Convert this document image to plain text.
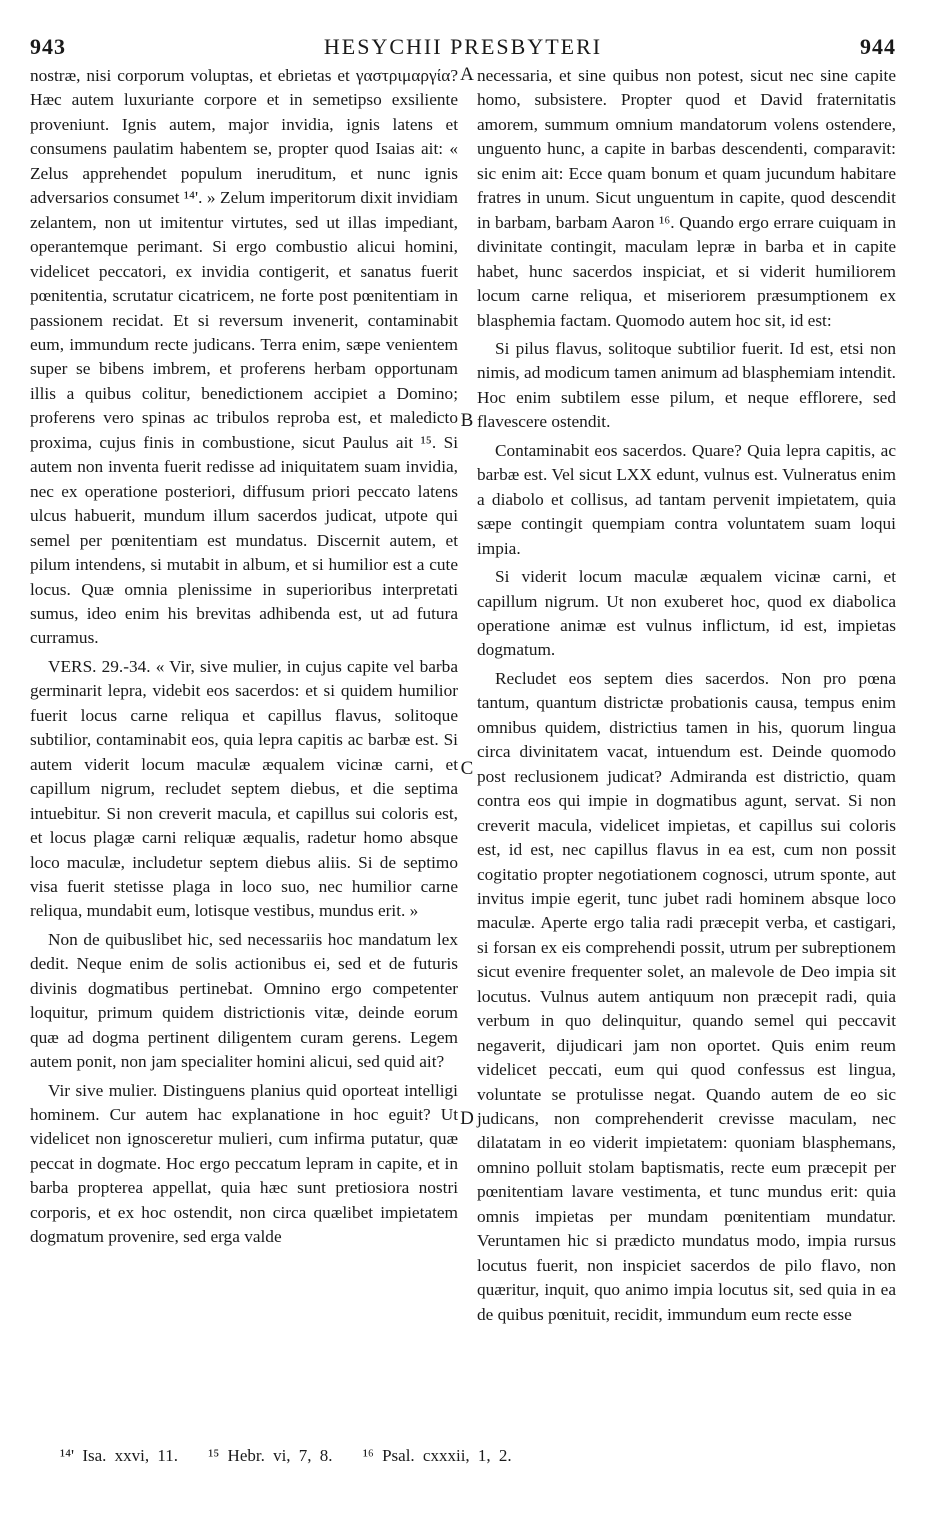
943	HESYCHII PRESBYTERI	944

nostræ, nisi corporum voluptas, et ebrietas et γαστριμαργία? Hæc autem luxuriante corpore et in semetipso exsiliente proveniunt. Ignis autem, major invidia, ignis latens et consumens paulatim habentem se, propter quod Isaias ait: « Zelus apprehendet populum ineruditum, et nunc ignis adversarios consumet ¹⁴'. » Zelum imperitorum dixit invidiam zelantem, non ut imitentur virtutes, sed ut illas impediant, operantemque perimant. Si ergo combustio alicui homini, videlicet peccatori, ex invidia contigerit, et sanatus fuerit pœnitentia, scrutatur cicatricem, ne forte post pœnitentiam in passionem recidat. Et si reversum invenerit, contaminabit eum, immundum recte judicans. Terra enim, sæpe venientem super se bibens imbrem, et proferens herbam opportunam illis a quibus colitur, benedictionem accipiet a Domino; proferens vero spinas ac tribulos reproba est, et maledicto proxima, cujus finis in combustione, sicut Paulus ait ¹⁵. Si autem non inventa fuerit redisse ad iniquitatem suam invidia, nec ex operatione posteriori, diffusum priori peccato latens ulcus habuerit, mundum illum sacerdos judicat, utpote qui semel per pœnitentiam est mundatus. Discernit autem, et pilum intendens, si mutabit in album, et si humilior est a cute locus. Quæ omnia plenissime in superioribus interpretati sumus, ideo enim his brevitas adhibenda est, ut ad futura curramus.

VERS. 29.-34. « Vir, sive mulier, in cujus capite vel barba germinarit lepra, videbit eos sacerdos: et si quidem humilior fuerit locus carne reliqua et capillus flavus, solitoque subtilior, contaminabit eos, quia lepra capitis ac barbæ est. Si autem viderit locum maculæ æqualem vicinæ carni, et capillum nigrum, recludet septem diebus, et die septima intuebitur. Si non creverit macula, et capillus sui coloris est, et locus plagæ carni reliquæ æqualis, radetur homo absque loco maculæ, includetur septem diebus aliis. Si de septimo visa fuerit stetisse plaga in loco suo, nec humilior carne reliqua, mundabit eum, lotisque vestibus, mundus erit. »

Non de quibuslibet hic, sed necessariis hoc mandatum lex dedit. Neque enim de solis actionibus ei, sed et de futuris divinis dogmatibus pertinebat. Omnino ergo competenter loquitur, primum quidem districtionis vitæ, deinde eorum quæ ad dogma pertinent diligentem curam gerens. Legem autem ponit, non jam specialiter homini alicui, sed quid ait?

Vir sive mulier. Distinguens planius quid oporteat intelligi hominem. Cur autem hac explanatione in hoc eguit? Ut videlicet non ignosceretur mulieri, cum infirma putatur, quæ peccat in dogmate. Hoc ergo peccatum lepram in capite, et in barba propterea appellat, quia hæc sunt pretiosiora nostri corporis, et ex hoc ostendit, non circa quælibet impietatem dogmatum provenire, sed erga valde

A
B
C
D

necessaria, et sine quibus non potest, sicut nec sine capite homo, subsistere. Propter quod et David fraternitatis amorem, summum omnium mandatorum volens ostendere, unguento hunc, a capite in barbas descendenti, comparavit: sic enim ait: Ecce quam bonum et quam jucundum habitare fratres in unum. Sicut unguentum in capite, quod descendit in barbam, barbam Aaron ¹⁶. Quando ergo errare cuiquam in divinitate contingit, maculam lepræ in barba et in capite habet, hunc sacerdos inspiciat, et si viderit humiliorem locum carne reliqua, et miseriorem præsumptionem ex blasphemia factam. Quomodo autem hoc sit, id est:

Si pilus flavus, solitoque subtilior fuerit. Id est, etsi non nimis, ad modicum tamen animum ad blasphemiam intendit. Hoc enim subtilem esse pilum, et neque efflorere, sed flavescere ostendit.

Contaminabit eos sacerdos. Quare? Quia lepra capitis, ac barbæ est. Vel sicut LXX edunt, vulnus est. Vulneratus enim a diabolo et collisus, ad tantam pervenit impietatem, quia sæpe contingit quempiam contra voluntatem suam loqui impia.

Si viderit locum maculæ æqualem vicinæ carni, et capillum nigrum. Ut non exuberet hoc, quod ex diabolica operatione animæ est vulnus inflictum, id est, impietas dogmatum.

Recludet eos septem dies sacerdos. Non pro pœna tantum, quantum districtæ probationis causa, tempus enim omnibus quidem, districtius tamen in his, quorum lingua circa divinitatem vacat, intuendum est. Deinde quomodo post reclusionem judicat? Admiranda est districtio, quam contra eos qui impie in dogmatibus agunt, servat. Si non creverit macula, videlicet impietas, et capillus sui coloris est, id est, nec capillus flavus in ea est, cum non possit cogitatio propter negotiationem cognosci, utrum sponte, aut invitus impie egerit, tunc jubet radi hominem absque loco maculæ. Aperte ergo talia radi præcepit verba, et castigari, si forsan ex eis comprehendi possit, utrum per subreptionem sicut evenire frequenter solet, an malevole de Deo impia sit locutus. Vulnus autem antiquum non præcepit radi, quia verbum in quo delinquitur, quando semel qui peccavit negaverit, dijudicari jam non oportet. Quis enim reum videlicet peccati, eum qui quod confessus est lingua, voluntate se protulisse negat. Quando autem de eo sic judicans, non comprehenderit crevisse maculam, nec dilatatam in eo viderit impietatem: quoniam blasphemans, omnino polluit stolam baptismatis, recte eum præcepit per pœnitentiam lavare vestimenta, et tunc mundus erit: quia omnis impietas per mundam pœnitentiam mundatur. Veruntamen hic si prædicto mundatus modo, impia rursus locutus fuerit, non inspiciet sacerdos de pilo flavo, non quæritur, inquit, quo animo impia locutus sit, sed quia in ea de quibus pœnituit, recidit, immundum eum recte esse

¹⁴' Isa. xxvi, 11. ¹⁵ Hebr. vi, 7, 8. ¹⁶ Psal. cxxxii, 1, 2.
